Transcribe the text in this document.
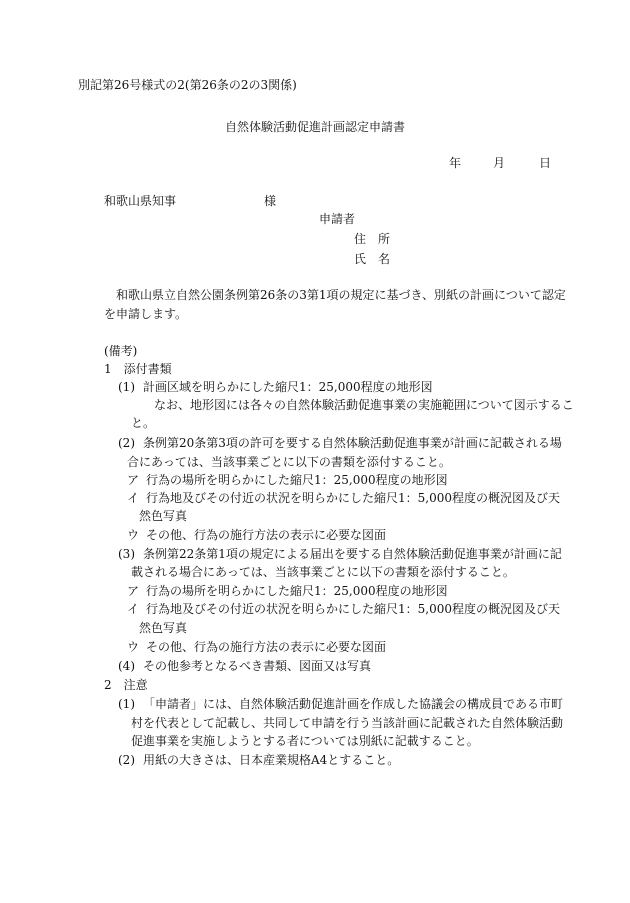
別記第26号様式の2(第26条の2の3関係)
自然体験活動促進計画認定申請書
年	月	日
和歌山県知事	様
申請者
住　所
氏　名
和歌山県立自然公園条例第26条の3第1項の規定に基づき、別紙の計画について認定
を申請します。
(備考)
1　添付書類
(1) 計画区域を明らかにした縮尺1：25,000程度の地形図
なお、地形図には各々の自然体験活動促進事業の実施範囲について図示するこ
と。
(2) 条例第20条第3項の許可を要する自然体験活動促進事業が計画に記載される場
合にあっては、当該事業ごとに以下の書類を添付すること。
ア 行為の場所を明らかにした縮尺1：25,000程度の地形図
イ 行為地及びその付近の状況を明らかにした縮尺1：5,000程度の概況図及び天
然色写真
ウ その他、行為の施行方法の表示に必要な図面
(3) 条例第22条第1項の規定による届出を要する自然体験活動促進事業が計画に記
載される場合にあっては、当該事業ごとに以下の書類を添付すること。
ア 行為の場所を明らかにした縮尺1：25,000程度の地形図
イ 行為地及びその付近の状況を明らかにした縮尺1：5,000程度の概況図及び天
然色写真
ウ その他、行為の施行方法の表示に必要な図面
(4) その他参考となるべき書類、図面又は写真
2　注意
(1) 「申請者」には、自然体験活動促進計画を作成した協議会の構成員である市町
村を代表として記載し、共同して申請を行う当該計画に記載された自然体験活動
促進事業を実施しようとする者については別紙に記載すること。
(2) 用紙の大きさは、日本産業規格A4とすること。
